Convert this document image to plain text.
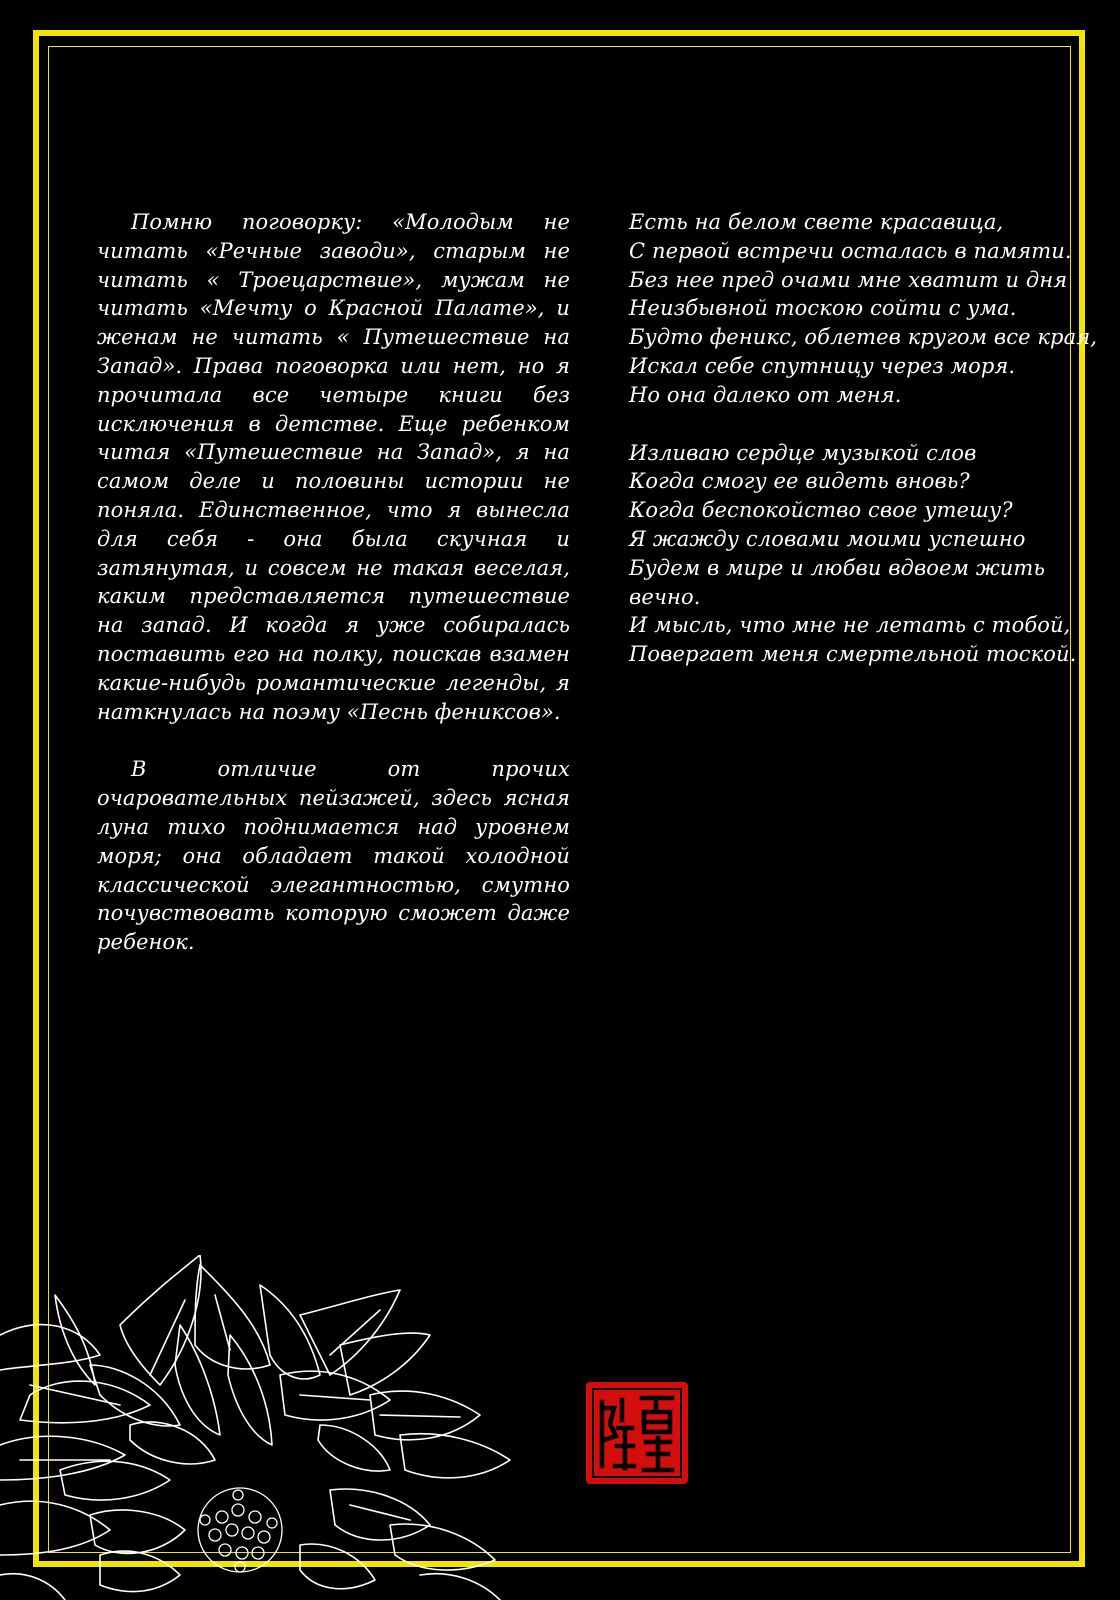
Помню поговорку: «Молодым не читать «Речные заводи», старым не читать « Троецарствие», мужам не читать «Мечту о Красной Палате», и женам не читать « Путешествие на Запад». Права поговорка или нет, но я прочитала все четыре книги без исключения в детстве. Еще ребенком читая «Путешествие на Запад», я на самом деле и половины истории не поняла. Единственное, что я вынесла для себя - она была скучная и затянутая, и совсем не такая веселая, каким представляется путешествие на запад. И когда я уже собиралась поставить его на полку, поискав взамен какие-нибудь романтические легенды, я наткнулась на поэму «Песнь фениксов».

В отличие от прочих очаровательных пейзажей, здесь ясная луна тихо поднимается над уровнем моря; она обладает такой холодной классической элегантностью, смутно почувствовать которую сможет даже ребенок.

Есть на белом свете красавица,
С первой встречи осталась в памяти.
Без нее пред очами мне хватит и дня
Неизбывной тоскою сойти с ума.
Будто феникс, облетев кругом все края,
Искал себе спутницу через моря.
Но она далеко от меня.
Изливаю сердце музыкой слов
Когда смогу ее видеть вновь?
Когда беспокойство свое утешу?
Я жажду словами моими успешно
Будем в мире и любви вдвоем жить
вечно.
И мысль, что мне не летать с тобой,
Повергает меня смертельной тоской.
